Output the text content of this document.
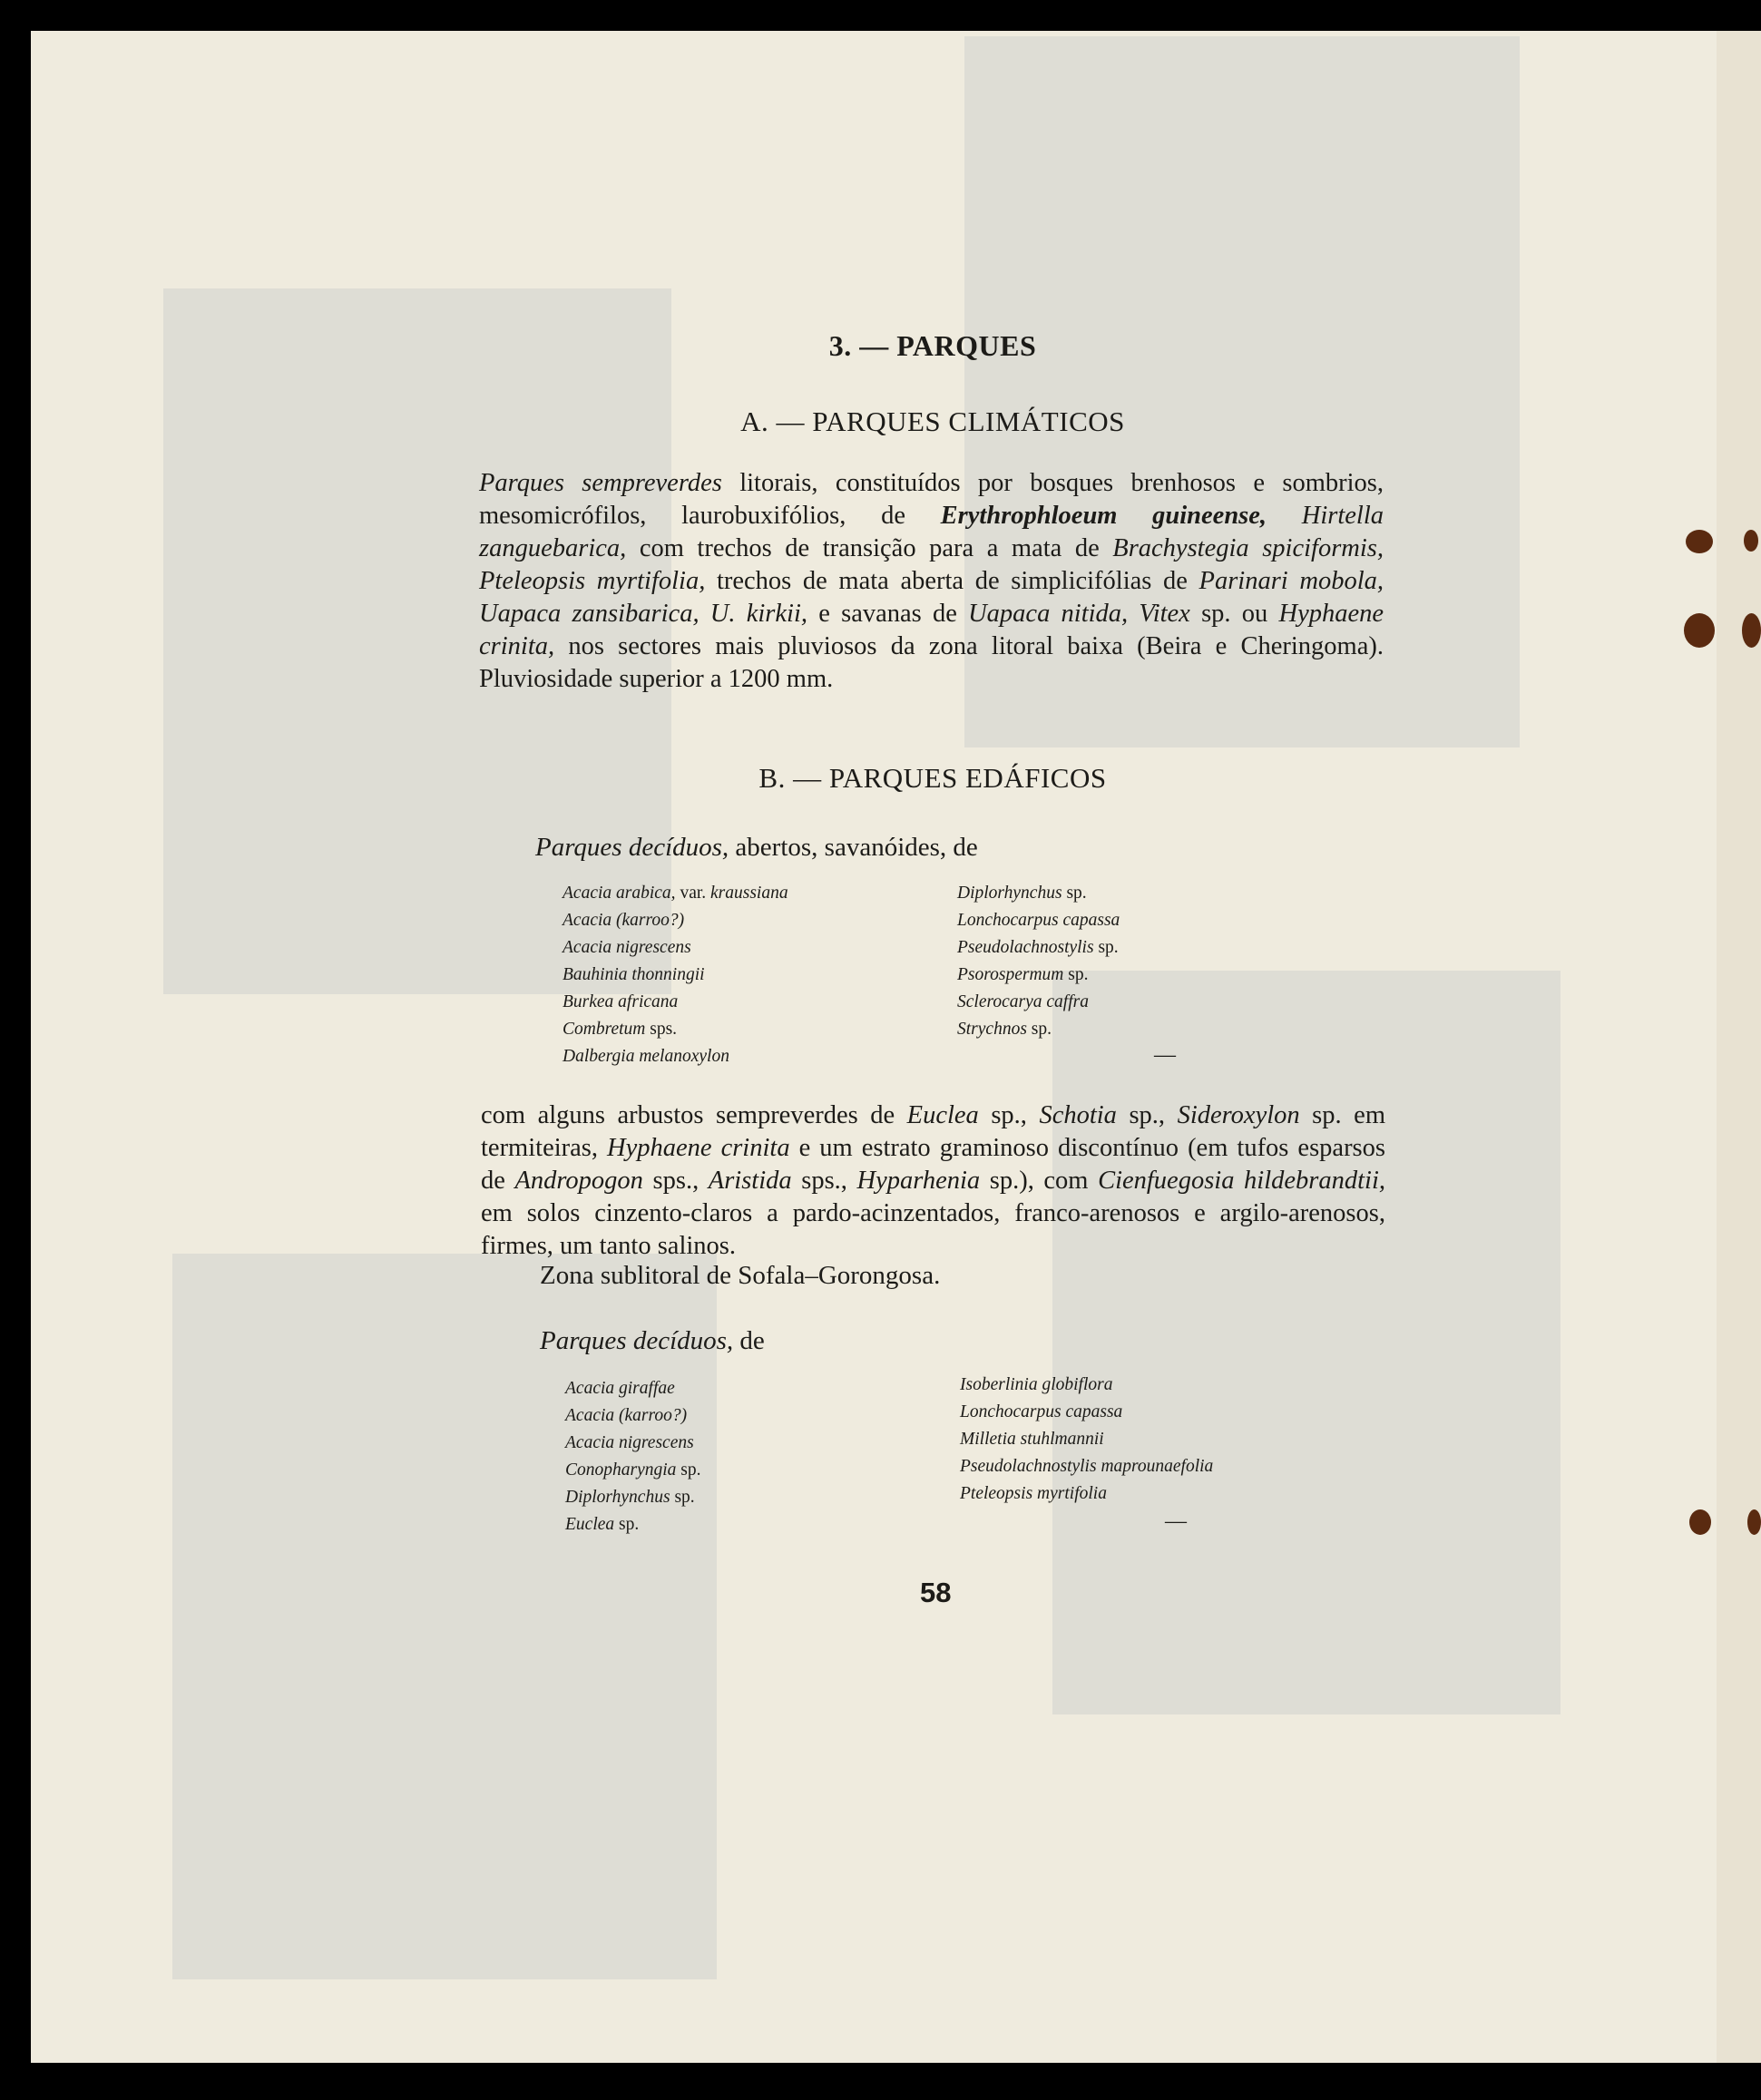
3. — PARQUES
A. — PARQUES CLIMÁTICOS

Parques sempreverdes litorais, constituídos por bosques brenhosos e sombrios, mesomicrófilos, laurobuxifólios, de Erythrophloeum guineense, Hirtella zanguebarica, com trechos de transição para a mata de Brachystegia spiciformis, Pteleopsis myrtifolia, trechos de mata aberta de simplicifólias de Parinari mobola, Uapaca zansibarica, U. kirkii, e savanas de Uapaca nitida, Vitex sp. ou Hyphaene crinita, nos sectores mais pluviosos da zona litoral baixa (Beira e Cheringoma). Pluviosidade superior a 1200 mm.

B. — PARQUES EDÁFICOS

Parques decíduos, abertos, savanóides, de

Acacia arabica, var. kraussiana
Acacia (karroo?)
Acacia nigrescens
Bauhinia thonningii
Burkea africana
Combretum sps.
Dalbergia melanoxylon
Diplorhynchus sp.
Lonchocarpus capassa
Pseudolachnostylis sp.
Psorospermum sp.
Sclerocarya caffra
Strychnos sp.
—

com alguns arbustos sempreverdes de Euclea sp., Schotia sp., Sideroxylon sp. em termiteiras, Hyphaene crinita e um estrato graminoso discontínuo (em tufos esparsos de Andropogon sps., Aristida sps., Hyparhenia sp.), com Cienfuegosia hildebrandtii, em solos cinzento-claros a pardo-acinzentados, franco-arenosos e argilo-arenosos, firmes, um tanto salinos.

Zona sublitoral de Sofala–Gorongosa.

Parques decíduos, de

Acacia giraffae
Acacia (karroo?)
Acacia nigrescens
Conopharyngia sp.
Diplorhynchus sp.
Euclea sp.
Isoberlinia globiflora
Lonchocarpus capassa
Milletia stuhlmannii
Pseudolachnostylis maprounaefolia
Pteleopsis myrtifolia
—
58
